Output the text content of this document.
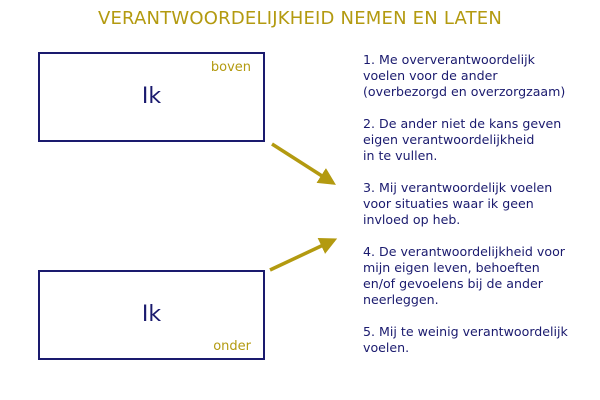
VERANTWOORDELIJKHEID NEMEN EN LATEN
Ik
boven
Ik
onder
1. Me oververantwoordelijk
voelen voor de ander
(overbezorgd en overzorgzaam)
2. De ander niet de kans geven
eigen verantwoordelijkheid
in te vullen.
3. Mij verantwoordelijk voelen
voor situaties waar ik geen
invloed op heb.
4. De verantwoordelijkheid voor
mijn eigen leven, behoeften
en/of gevoelens bij de ander
neerleggen.
5. Mij te weinig verantwoordelijk
voelen.
